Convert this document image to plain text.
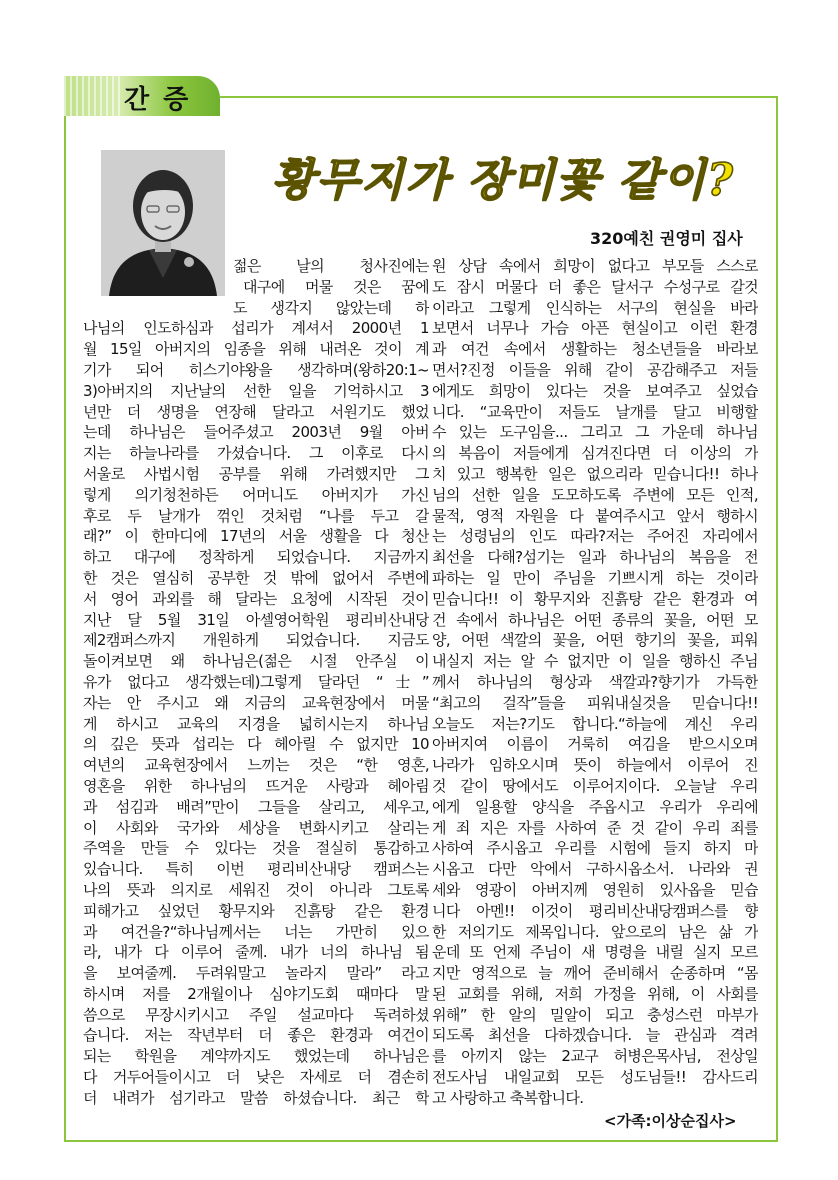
간증
황무지가 장미꽃 같이?
320예친 권영미 집사
젊은 날의 청사진에는
대구에 머물 것은 꿈에
도 생각지 않았는데 하
나님의 인도하심과 섭리가 계셔서 2000년 1
월 15일 아버지의 임종을 위해 내려온 것이 계
기가 되어 히스기야왕을 생각하며(왕하20:1~
3)아버지의 지난날의 선한 일을 기억하시고 3
년만 더 생명을 연장해 달라고 서원기도 했었
는데 하나님은 들어주셨고 2003년 9월 아버
지는 하늘나라를 가셨습니다. 그 이후로 다시
서울로 사법시험 공부를 위해 가려했지만 그
렇게 의기청천하든 어머니도 아버지가 가신
후로 두 날개가 꺾인 것처럼 “나를 두고 갈
래?” 이 한마디에 17년의 서울 생활을 다 청산
하고 대구에 정착하게 되었습니다. 지금까지
한 것은 열심히 공부한 것 밖에 없어서 주변에
서 영어 과외를 해 달라는 요청에 시작된 것이
지난 달 5월 31일 아셀영어학원 평리비산내당
제2캠퍼스까지 개원하게 되었습니다. 지금도
돌이켜보면 왜 하나님은(젊은 시절 안주실 이
유가 없다고 생각했는데)그렇게 달라던 “士”
자는 안 주시고 왜 지금의 교육현장에서 머물
게 하시고 교육의 지경을 넓히시는지 하나님
의 깊은 뜻과 섭리는 다 헤아릴 수 없지만 10
여년의 교육현장에서 느끼는 것은 “한 영혼,
영혼을 위한 하나님의 뜨거운 사랑과 헤아림
과 섬김과 배려”만이 그들을 살리고, 세우고,
이 사회와 국가와 세상을 변화시키고 살리는
주역을 만들 수 있다는 것을 절실히 통감하고
있습니다. 특히 이번 평리비산내당 캠퍼스는
나의 뜻과 의지로 세워진 것이 아니라 그토록
피해가고 싶었던 황무지와 진흙탕 같은 환경
과 여건을?“하나님께서는 너는 가만히 있으
라, 내가 다 이루어 줄께. 내가 너의 하나님 됨
을 보여줄께. 두려워말고 놀라지 말라” 라고
하시며 저를 2개월이나 심야기도회 때마다 말
씀으로 무장시키시고 주일 설교마다 독려하셨
습니다. 저는 작년부터 더 좋은 환경과 여건이
되는 학원을 계약까지도 했었는데 하나님은
다 거두어들이시고 더 낮은 자세로 더 겸손히
더 내려가 섬기라고 말씀 하셨습니다. 최근 학
원 상담 속에서 희망이 없다고 부모들 스스로
도 잠시 머물다 더 좋은 달서구 수성구로 갈것
이라고 그렇게 인식하는 서구의 현실을 바라
보면서 너무나 가슴 아픈 현실이고 이런 환경
과 여건 속에서 생활하는 청소년들을 바라보
면서?진정 이들을 위해 같이 공감해주고 저들
에게도 희망이 있다는 것을 보여주고 싶었습
니다. “교육만이 저들도 날개를 달고 비행할
수 있는 도구임을... 그리고 그 가운데 하나님
의 복음이 저들에게 심겨진다면 더 이상의 가
치 있고 행복한 일은 없으리라 믿습니다!! 하나
님의 선한 일을 도모하도록 주변에 모든 인적,
물적, 영적 자원을 다 붙여주시고 앞서 행하시
는 성령님의 인도 따라?저는 주어진 자리에서
최선을 다해?섬기는 일과 하나님의 복음을 전
파하는 일 만이 주님을 기쁘시게 하는 것이라
믿습니다!! 이 황무지와 진흙탕 같은 환경과 여
건 속에서 하나님은 어떤 종류의 꽃을, 어떤 모
양, 어떤 색깔의 꽃을, 어떤 향기의 꽃을, 피워
내실지 저는 알 수 없지만 이 일을 행하신 주님
께서 하나님의 형상과 색깔과?향기가 가득한
“최고의 걸작”들을 피워내실것을 믿습니다!!
오늘도 저는?기도 합니다.“하늘에 계신 우리
아버지여 이름이 거룩히 여김을 받으시오며
나라가 임하오시며 뜻이 하늘에서 이루어 진
것 같이 땅에서도 이루어지이다. 오늘날 우리
에게 일용할 양식을 주옵시고 우리가 우리에
게 죄 지은 자를 사하여 준 것 같이 우리 죄를
사하여 주시옵고 우리를 시험에 들지 하지 마
시옵고 다만 악에서 구하시옵소서. 나라와 권
세와 영광이 아버지께 영원히 있사옵을 믿습
니다 아멘!! 이것이 평리비산내당캠퍼스를 향
한 저의기도 제목입니다. 앞으로의 남은 삶 가
운데 또 언제 주님이 새 명령을 내릴 실지 모르
지만 영적으로 늘 깨어 준비해서 순종하며 “몸
된 교회를 위해, 저희 가정을 위해, 이 사회를
위해” 한 알의 밀알이 되고 충성스런 마부가
되도록 최선을 다하겠습니다. 늘 관심과 격려
를 아끼지 않는 2교구 허병은목사님, 전상일
전도사님 내일교회 모든 성도님들!! 감사드리
고 사랑하고 축복합니다.
<가족:이상순집사>
